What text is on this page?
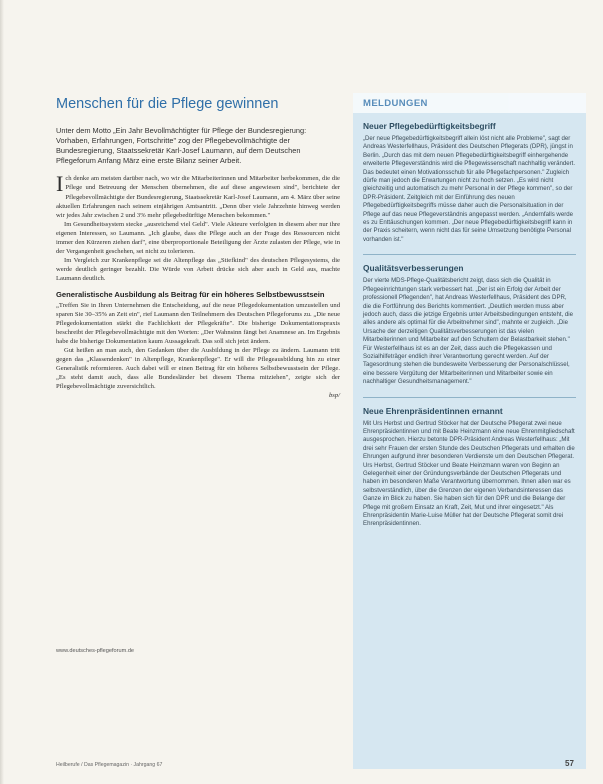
Menschen für die Pflege gewinnen

Unter dem Motto „Ein Jahr Bevollmächtigter für Pflege der Bundesregierung: Vorhaben, Erfahrungen, Fortschritte" zog der Pflegebevollmächtigte der Bundesregierung, Staatssekretär Karl-Josef Laumann, auf dem Deutschen Pflegeforum Anfang März eine erste Bilanz seiner Arbeit.

Ich denke am meisten darüber nach, wo wir die Mitarbeiterinnen und Mitarbeiter herbekommen, die die Pflege und Betreuung der Menschen übernehmen, die auf diese angewiesen sind", berichtete der Pflegebevollmächtigte der Bundesregierung, Staatssekretär Karl-Josef Laumann, am 4. März über seine aktuellen Erfahrungen nach seinem einjährigen Amtsantritt. „Denn über viele Jahrzehnte hinweg werden wir jedes Jahr zwischen 2 und 3% mehr pflegebedürftige Menschen bekommen."

Im Gesundheitssystem stecke „ausreichend viel Geld". Viele Akteure verfolgten in diesem aber nur ihre eigenen Interessen, so Laumann. „Ich glaube, dass die Pflege auch an der Frage des Ressourcen nicht immer den Kürzeren ziehen darf", eine überproportionale Beteiligung der Ärzte zulasten der Pflege, wie in der Vergangenheit geschehen, sei nicht zu tolerieren.

Im Vergleich zur Krankenpflege sei die Altenpflege das „Stiefkind" des deutschen Pflegesystems, die werde deutlich geringer bezahlt. Die Würde von Arbeit drücke sich aber auch in Geld aus, machte Laumann deutlich.

Generalistische Ausbildung als Beitrag für ein höheres Selbstbewusstsein

„Treffen Sie in Ihren Unternehmen die Entscheidung, auf die neue Pflegedokumentation umzustellen und sparen Sie 30–35% an Zeit ein", rief Laumann den Teilnehmern des Deutschen Pflegeforums zu. „Die neue Pflegedokumentation stärkt die Fachlichkeit der Pflegekräfte". Die bisherige Dokumentationspraxis beschreibt der Pflegebevollmächtigte mit den Worten: „Der Wahnsinn fängt bei Anamnese an. Im Ergebnis habe die bisherige Dokumentation kaum Aussagekraft. Das soll sich jetzt ändern.

Gut heißen an man auch, den Gedanken über die Ausbildung in der Pflege zu ändern. Laumann tritt gegen das „Klassendenken" in Altenpflege, Krankenpflege". Er will die Pflegeausbildung hin zu einer Generalistik reformieren. Auch dabei will er einen Beitrag für ein höheres Selbstbewusstsein der Pflege. „Es steht damit auch, dass alle Bundesländer bei diesem Thema mitziehen", zeigte sich der Pflegebevollmächtigte zuversichtlich.

bsp/

www.deutsches-pflegeforum.de
MELDUNGEN
Neuer Pflegebedürftigkeitsbegriff

„Der neue Pflegebedürftigkeitsbegriff allein löst nicht alle Probleme", sagt der Andreas Westerfellhaus, Präsident des Deutschen Pflegerats (DPR), jüngst in Berlin. „Durch das mit dem neuen Pflegebedürftigkeitsbegriff einhergehende erweiterte Pflegeverständnis wird die Pflegewissenschaft nachhaltig verändert. Das bedeutet einen Motivationsschub für alle Pflegefachpersonen." Zugleich dürfe man jedoch die Erwartungen nicht zu hoch setzen. „Es wird nicht gleichzeitig und automatisch zu mehr Personal in der Pflege kommen", so der DPR-Präsident. Zeitgleich mit der Einführung des neuen Pflegebedürftigkeitsbegriffs müsse daher auch die Personalsituation in der Pflege auf das neue Pflegeverständnis angepasst werden. „Andernfalls werde es zu Enttäuschungen kommen. „Der neue Pflegebedürftigkeitsbegriff kann in der Praxis scheitern, wenn nicht das für seine Umsetzung benötigte Personal vorhanden ist."

Qualitätsverbesserungen

Der vierte MDS-Pflege-Qualitätsbericht zeigt, dass sich die Qualität in Pflegeeinrichtungen stark verbessert hat. „Der ist ein Erfolg der Arbeit der professionell Pflegenden", hat Andreas Westerfellhaus, Präsident des DPR, die die Fortführung des Berichts kommentiert. „Deutlich werden muss aber jedoch auch, dass die jetzige Ergebnis unter Arbeitsbedingungen entsteht, die alles andere als optimal für die Arbeitnehmer sind", mahnte er zugleich. „Die Ursache der derzeitigen Qualitätsverbesserungen ist das vielen Mitarbeiterinnen und Mitarbeiter auf den Schultern der Belastbarkeit stehen." Für Westerfellhaus ist es an der Zeit, dass auch die Pflegekassen und Sozialhilfeträger endlich ihrer Verantwortung gerecht werden. Auf der Tagesordnung stehen die bundesweite Verbesserung der Personalschlüssel, eine bessere Vergütung der Mitarbeiterinnen und Mitarbeiter sowie ein nachhaltiger Gesundheitsmanagement."

Neue Ehrenpräsidentinnen ernannt

Mit Urs Herbst und Gertrud Stöcker hat der Deutsche Pflegerat zwei neue Ehrenpräsidentinnen und mit Beate Heinzmann eine neue Ehrenmitgliedschaft ausgesprochen. Hierzu betonte DPR-Präsident Andreas Westerfellhaus: „Mit drei sehr Frauen der ersten Stunde des Deutschen Pflegerats und erhalten die Ehrungen aufgrund ihrer besonderen Verdienste um den Deutschen Pflegerat. Urs Herbst, Gertrud Stöcker und Beate Heinzmann waren von Beginn an Gelegenheit einer der Gründungsverbände der Deutschen Pflegerats und haben im besonderen Maße Verantwortung übernommen. Ihnen allen war es selbstverständlich, über die Grenzen der eigenen Verbandsinteressen das Ganze im Blick zu haben. Sie haben sich für den DPR und die Belange der Pflege mit großem Einsatz an Kraft, Zeit, Mut und ihrer eingesetzt." Als Ehrenpräsidentin Marie-Luise Müller hat der Deutsche Pflegerat somit drei Ehrenpräsidentinnen.

Heilberufe / Das Pflegemagazin · Jahrgang 67	57
